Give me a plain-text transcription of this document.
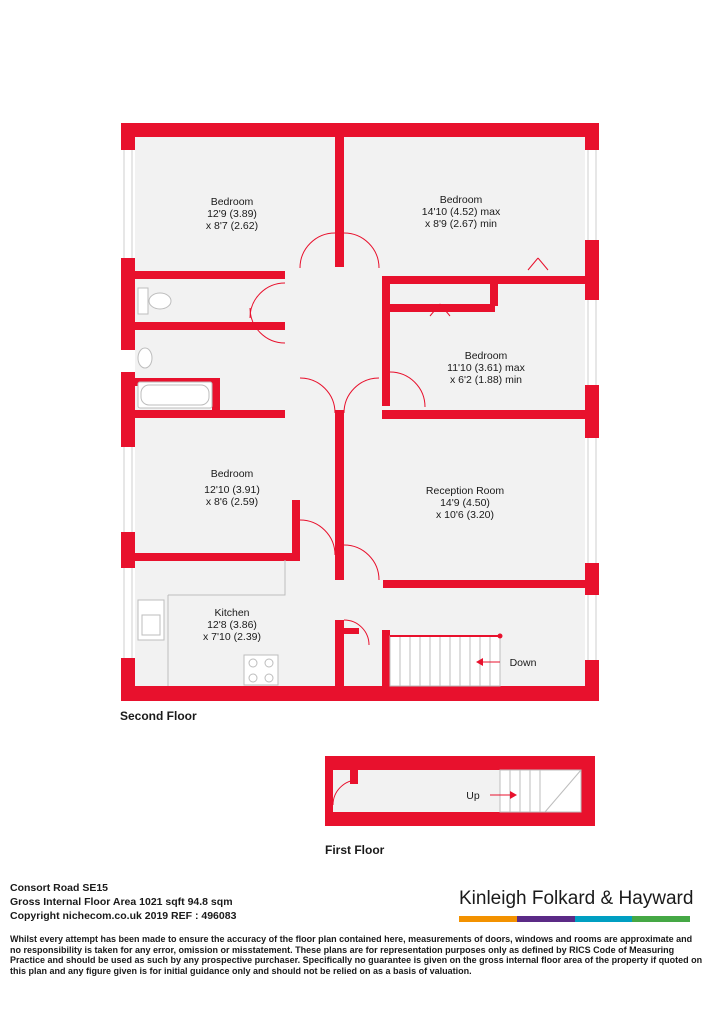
Bedroom
12'9 (3.89)
x 8'7 (2.62)
Bedroom
14'10 (4.52) max
x 8'9 (2.67) min
Bedroom
11'10 (3.61) max
x 6'2 (1.88) min
Bedroom
12'10 (3.91)
x 8'6 (2.59)
Reception Room
14'9 (4.50)
x 10'6 (3.20)
Kitchen
12'8 (3.86)
x 7'10 (2.39)
Down
Up
Second Floor
First Floor
Consort Road SE15
Gross Internal Floor Area 1021 sqft 94.8 sqm
Copyright nichecom.co.uk 2019 REF : 496083
Kinleigh Folkard & Hayward
Whilst every attempt has been made to ensure the accuracy of the floor plan contained here, measurements of doors, windows and rooms are approximate and no responsibility is taken for any error, omission or misstatement. These plans are for representation purposes only as defined by RICS Code of Measuring Practice and should be used as such by any prospective purchaser. Specifically no guarantee is given on the gross internal floor area of the property if quoted on this plan and any figure given is for initial guidance only and should not be relied on as a basis of valuation.
